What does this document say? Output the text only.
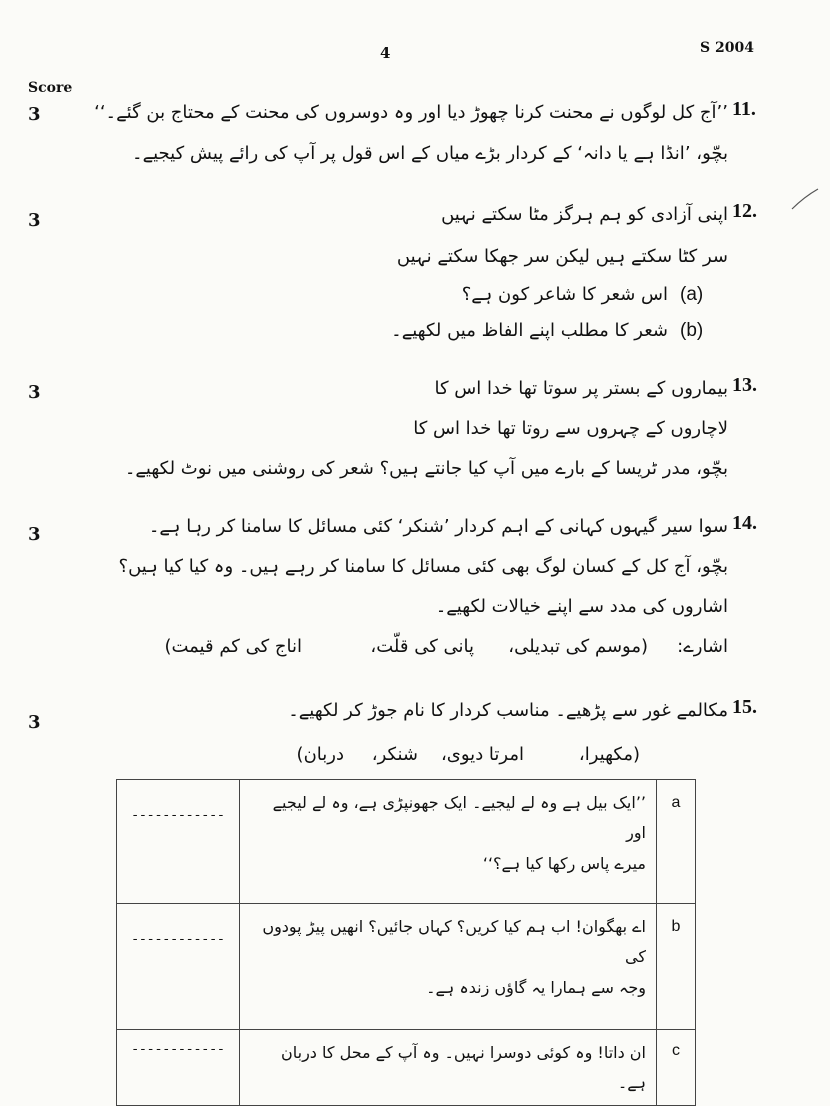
4	S 2004
Score
3	11.
’’آج کل لوگوں نے محنت کرنا چھوڑ دیا اور وہ دوسروں کی محنت کے محتاج بن گئے۔‘‘
بچّو، ’انڈا ہے یا دانہ‘ کے کردار بڑے میاں کے اس قول پر آپ کی رائے پیش کیجیے۔
3	12.
اپنی آزادی کو ہم ہرگز مٹا سکتے نہیں
سر کٹا سکتے ہیں لیکن سر جھکا سکتے نہیں
(a)
اس شعر کا شاعر کون ہے؟
(b)
شعر کا مطلب اپنے الفاظ میں لکھیے۔
3	13.
بیماروں کے بستر پر سوتا تھا خدا اس کا
لاچاروں کے چہروں سے روتا تھا خدا اس کا
بچّو، مدر ٹریسا کے بارے میں آپ کیا جانتے ہیں؟ شعر کی روشنی میں نوٹ لکھیے۔
3
14.
سوا سیر گیہوں کہانی کے اہم کردار ’شنکر‘ کئی مسائل کا سامنا کر رہا ہے۔
بچّو، آج کل کے کسان لوگ بھی کئی مسائل کا سامنا کر رہے ہیں۔ وہ کیا کیا ہیں؟
اشاروں کی مدد سے اپنے خیالات لکھیے۔
اشارے:
(موسم کی تبدیلی،
پانی کی قلّت،
اناج کی کم قیمت)
3
15.
مکالمے غور سے پڑھیے۔ مناسب کردار کا نام جوڑ کر لکھیے۔
(مکھیرا،
امرتا دیوی،
شنکر،
دربان)
------------	’’ایک بیل ہے وہ لے لیجیے۔ ایک جھونپڑی ہے، وہ لے لیجیے اور
میرے پاس رکھا کیا ہے؟‘‘	a
------------	اے بھگوان! اب ہم کیا کریں؟ کہاں جائیں؟ انھیں پیڑ پودوں کی
وجہ سے ہمارا یہ گاؤں زندہ ہے۔	b
------------	ان داتا! وہ کوئی دوسرا نہیں۔ وہ آپ کے محل کا دربان ہے۔	c
